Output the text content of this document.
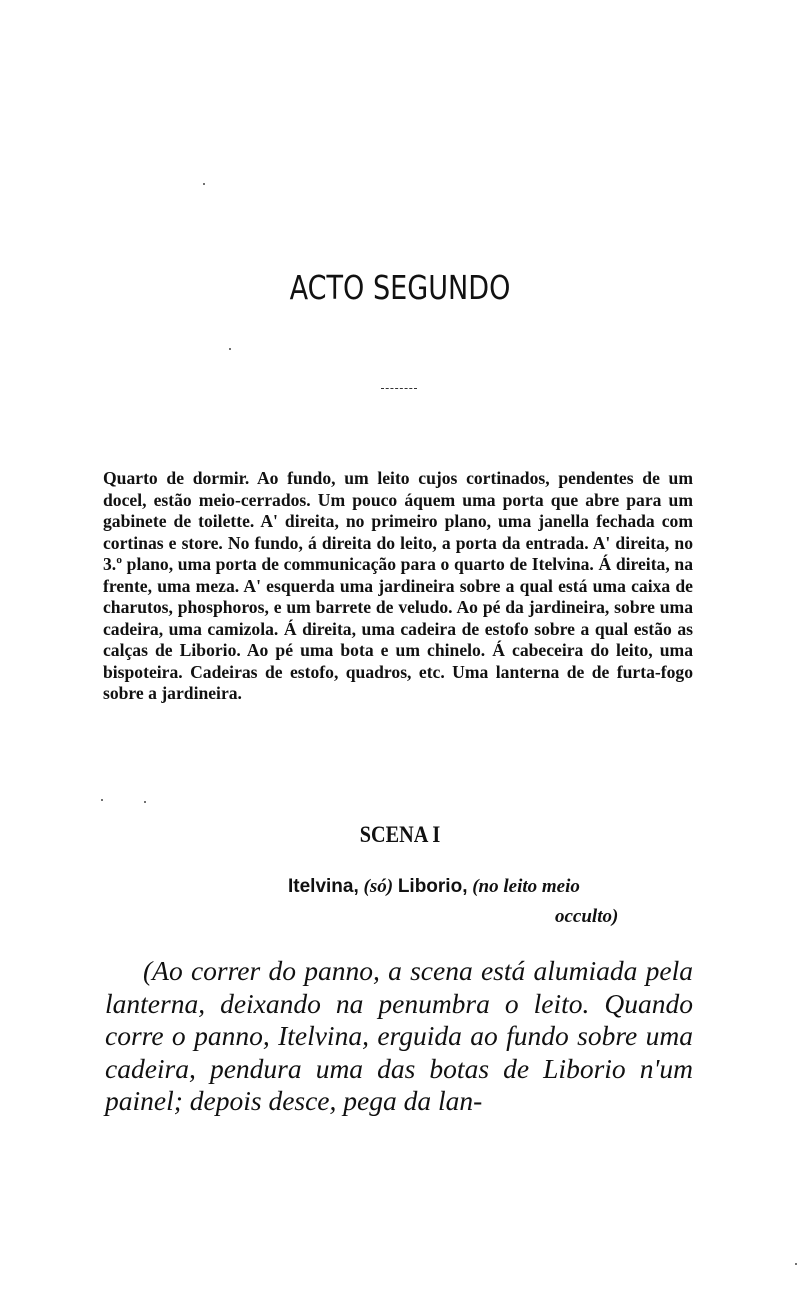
ACTO SEGUNDO

Quarto de dormir. Ao fundo, um leito cujos cortinados, pendentes de um docel, estão meio-cerrados. Um pouco áquem uma porta que abre para um gabinete de toilette. A' direita, no primeiro plano, uma janella fechada com cortinas e store. No fundo, á direita do leito, a porta da entrada. A' direita, no 3.º plano, uma porta de communicação para o quarto de Itelvina. Á direita, na frente, uma meza. A' esquerda uma jardineira sobre a qual está uma caixa de charutos, phosphoros, e um barrete de veludo. Ao pé da jardineira, sobre uma cadeira, uma camizola. Á direita, uma cadeira de estofo sobre a qual estão as calças de Liborio. Ao pé uma bota e um chinelo. Á cabeceira do leito, uma bispoteira. Cadeiras de estofo, quadros, etc. Uma lanterna de de furta-fogo sobre a jardineira.

SCENA I

Itelvina, (só) Liborio, (no leito meio
occulto)

(Ao correr do panno, a scena está alumiada pela lanterna, deixando na penumbra o leito. Quando corre o panno, Itelvina, erguida ao fundo sobre uma cadeira, pendura uma das botas de Liborio n'um painel; depois desce, pega da lan-
